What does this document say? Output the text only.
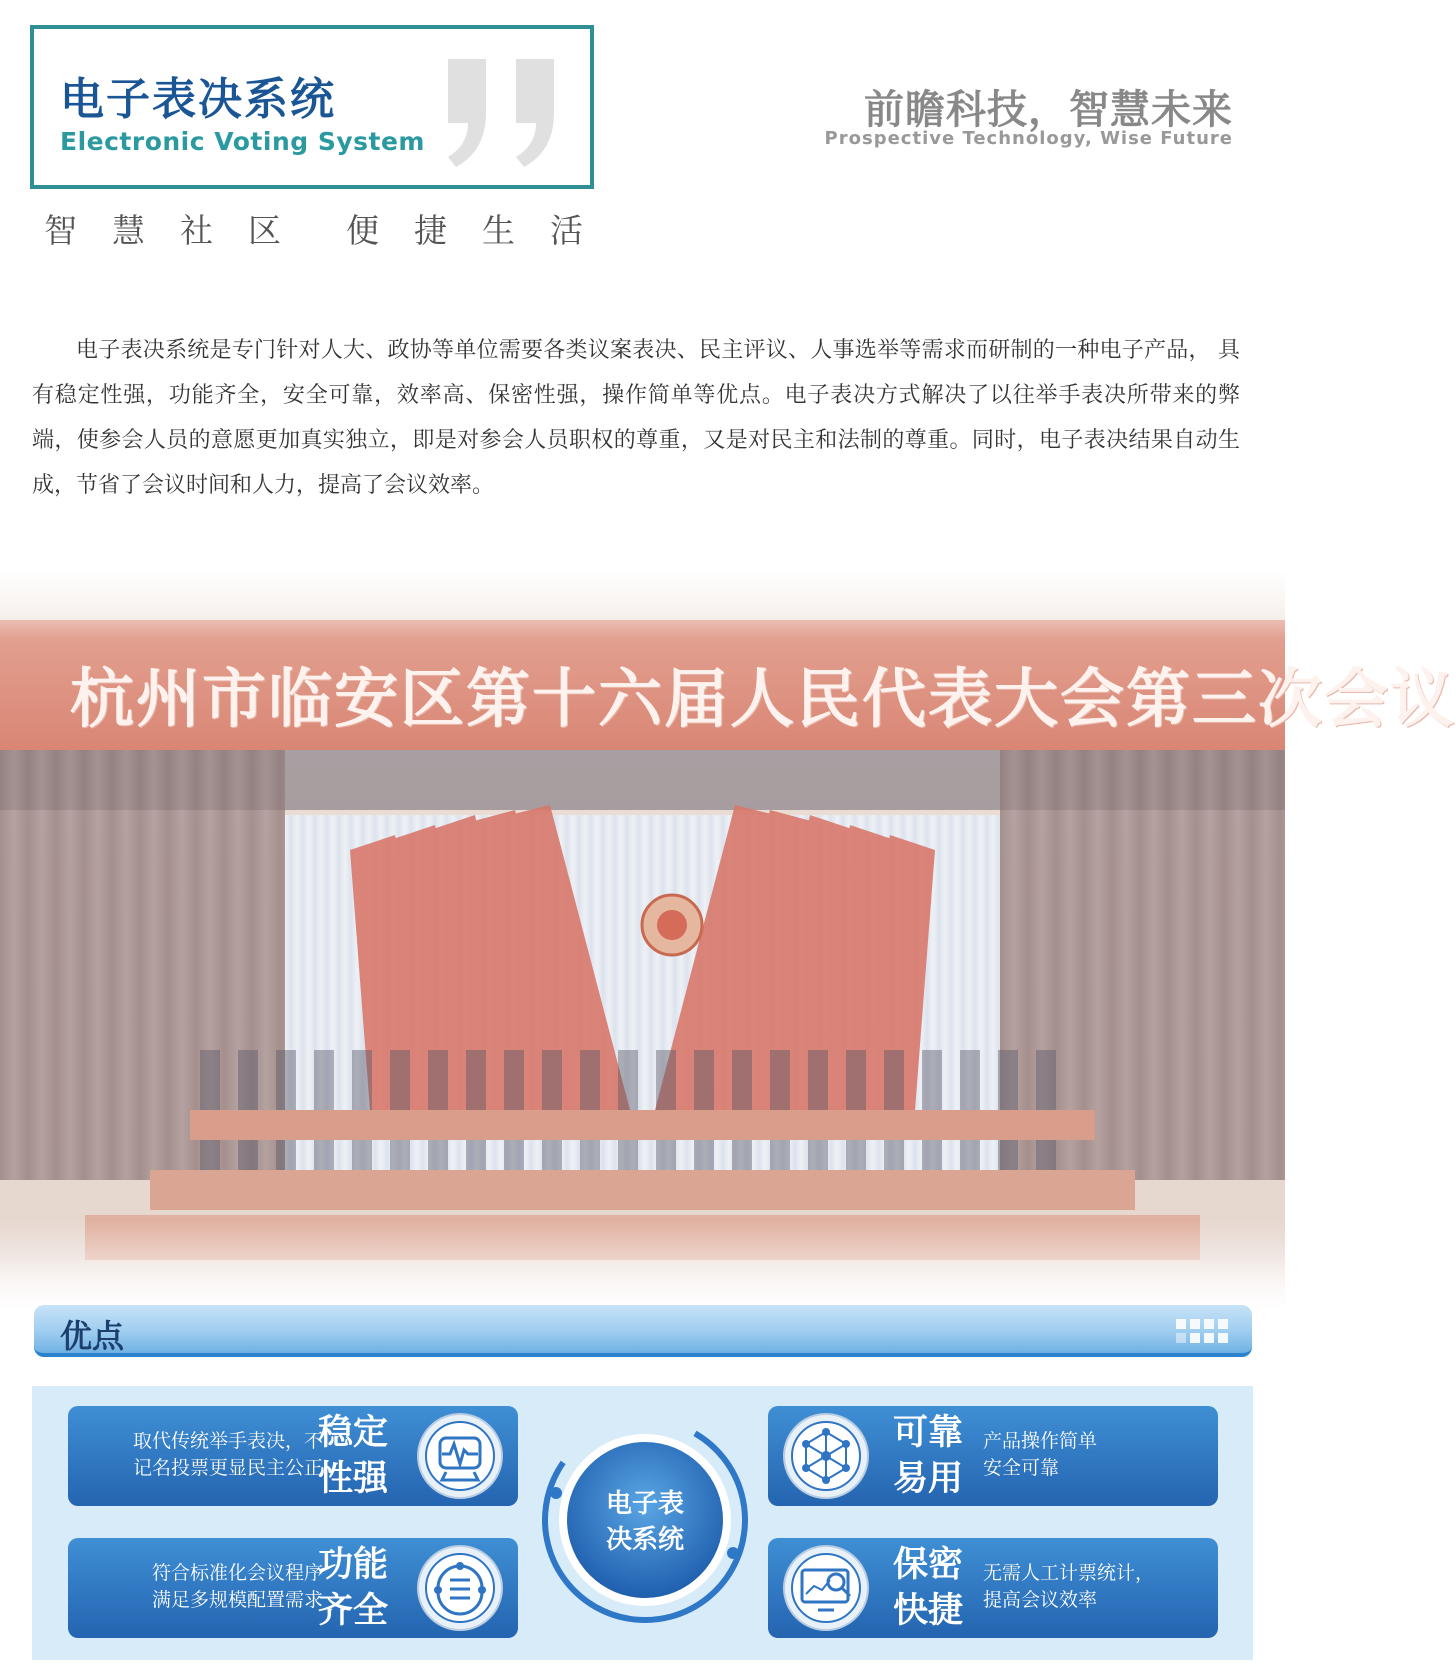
电子表决系统
Electronic Voting System
智慧社区 便捷生活
前瞻科技，智慧未来
Prospective Technology, Wise Future

电子表决系统是专门针对人大、政协等单位需要各类议案表决、民主评议、人事选举等需求而研制的一种电子产品， 具有稳定性强，功能齐全，安全可靠，效率高、保密性强，操作简单等优点。电子表决方式解决了以往举手表决所带来的弊端，使参会人员的意愿更加真实独立，即是对参会人员职权的尊重，又是对民主和法制的尊重。同时，电子表决结果自动生成，节省了会议时间和人力，提高了会议效率。

杭州市临安区第十六届人民代表大会第三次会议
优点
取代传统举手表决，不
记名投票更显民主公正
稳定
性强
可靠
易用
产品操作简单
安全可靠
符合标准化会议程序
满足多规模配置需求
功能
齐全
保密
快捷
无需人工计票统计，
提高会议效率
电子表
决系统
